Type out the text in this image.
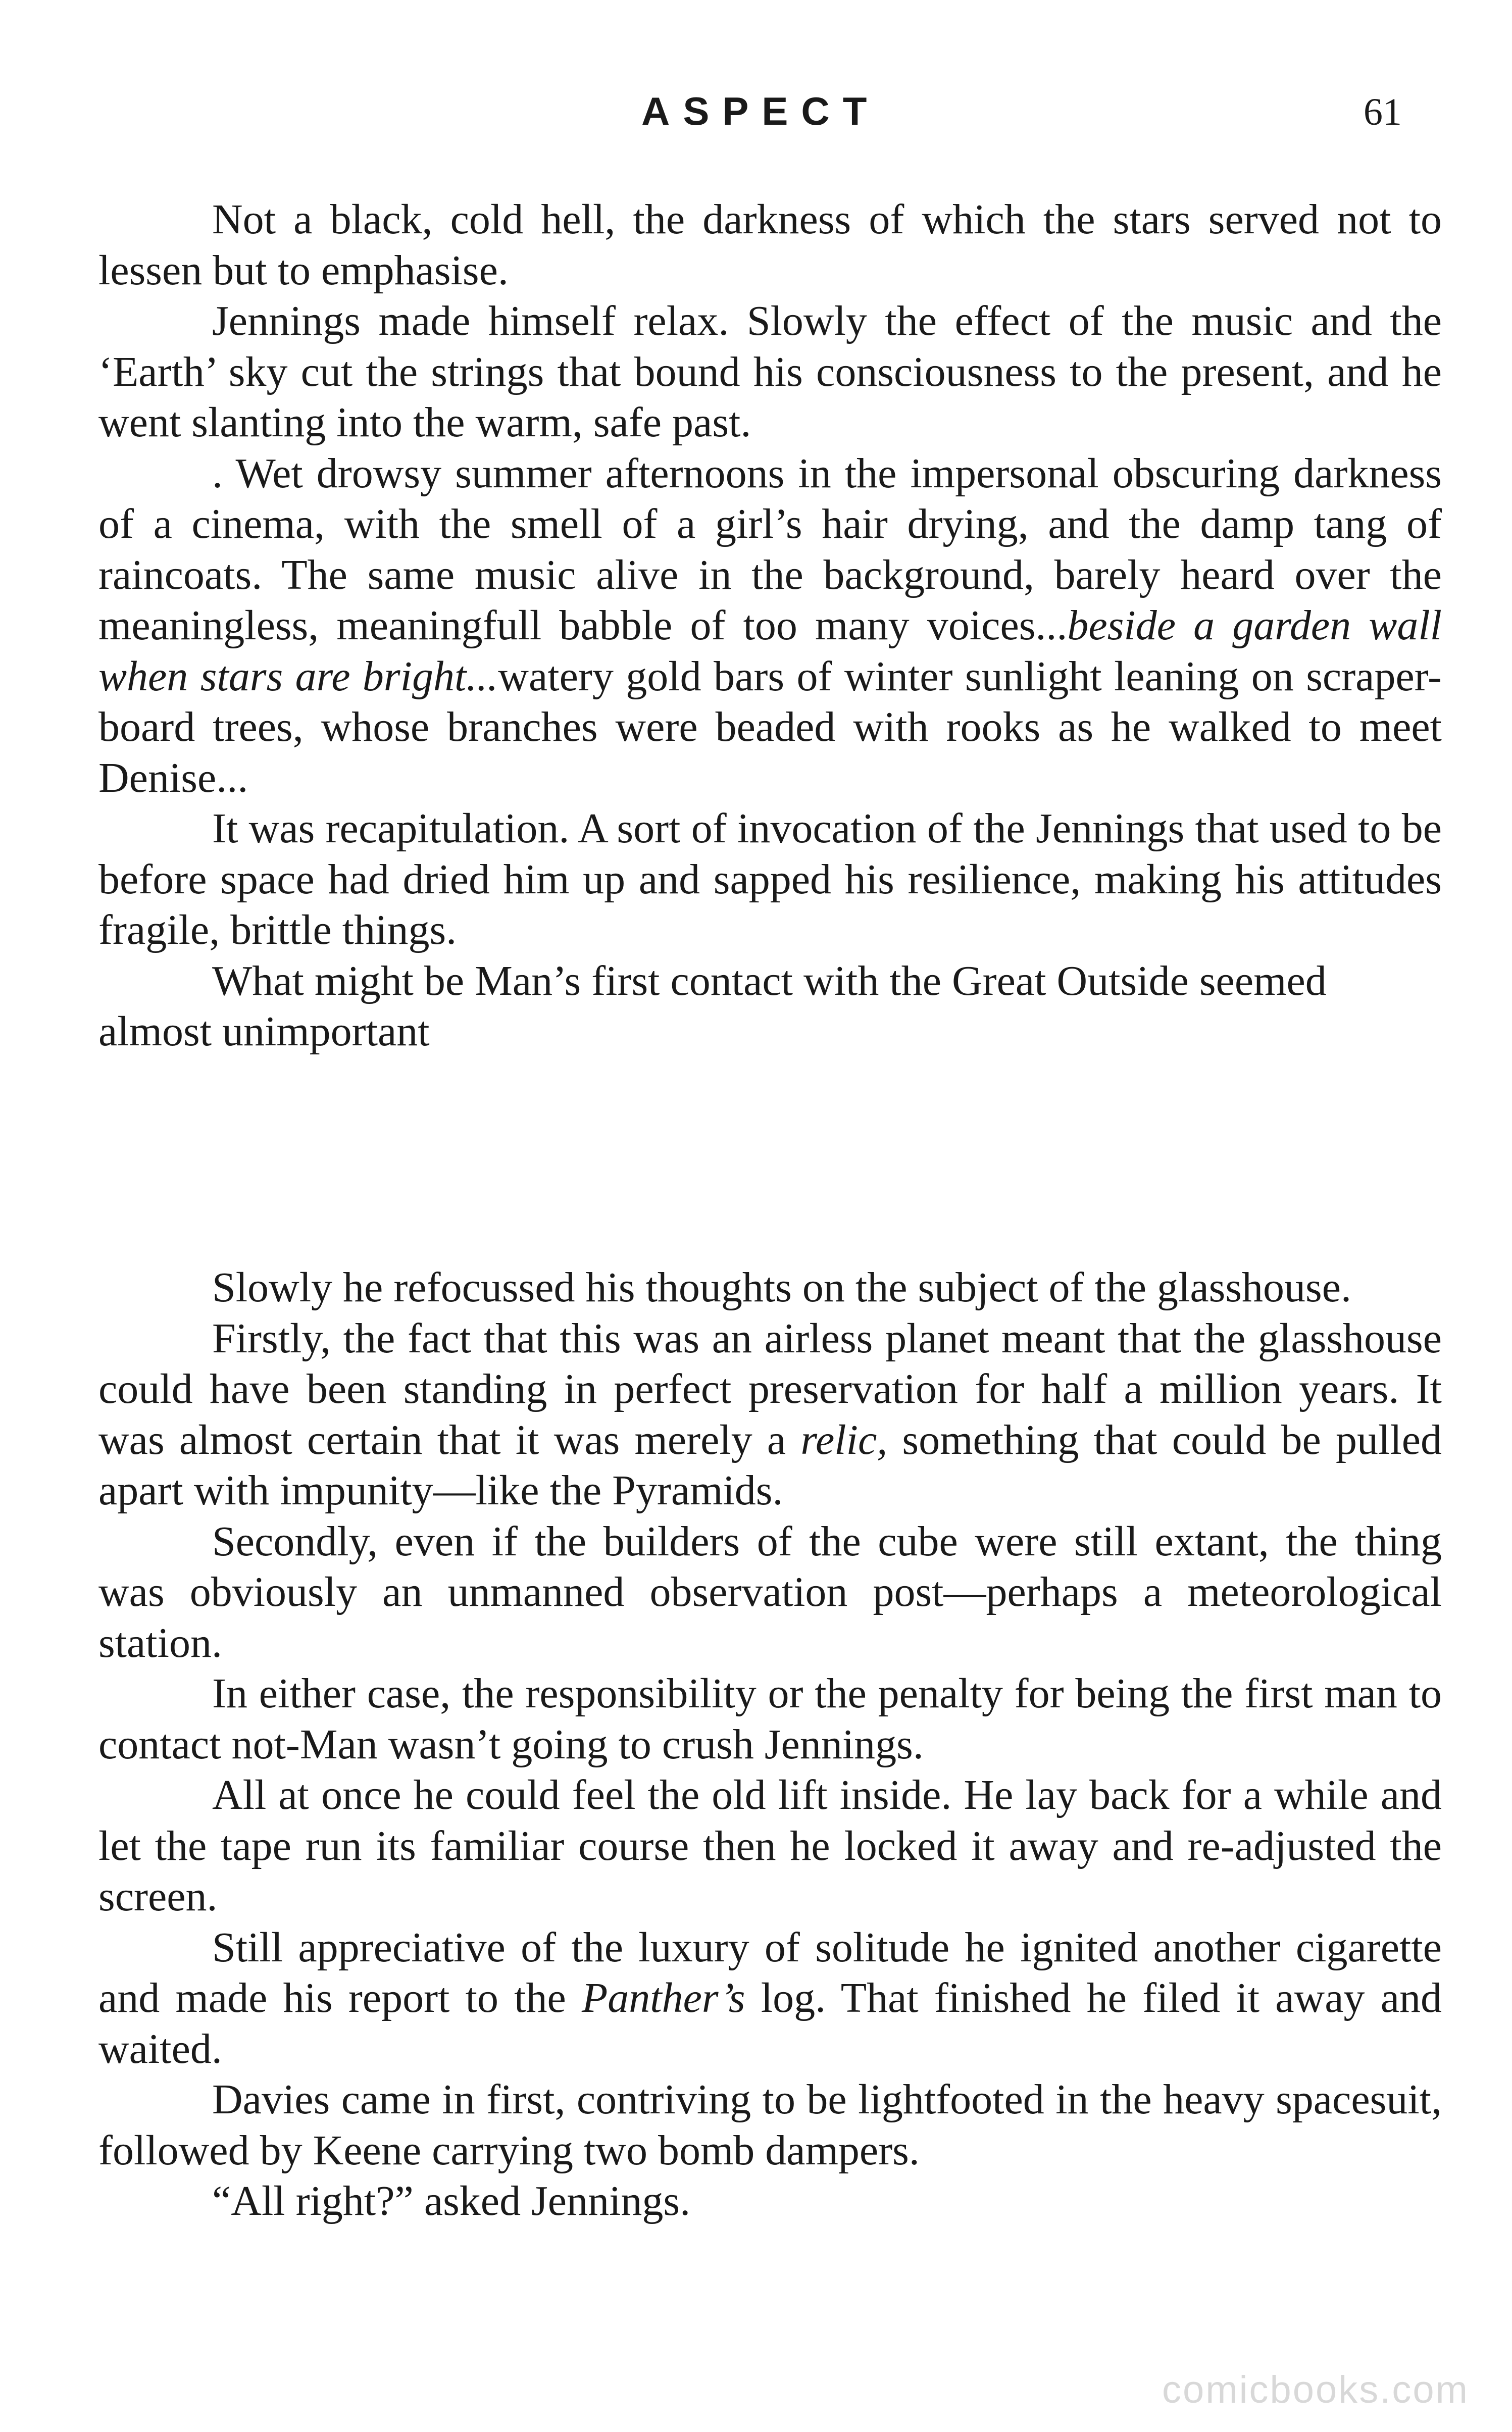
ASPECT	61

Not a black, cold hell, the darkness of which the stars served not to lessen but to emphasise.

Jennings made himself relax. Slowly the effect of the music and the ‘Earth’ sky cut the strings that bound his consciousness to the present, and he went slanting into the warm, safe past.

. Wet drowsy summer afternoons in the impersonal obscuring darkness of a cinema, with the smell of a girl’s hair drying, and the damp tang of raincoats. The same music alive in the background, barely heard over the meaningless, meaningfull babble of too many voices...beside a garden wall when stars are bright...watery gold bars of winter sunlight leaning on scraper-board trees, whose branches were beaded with rooks as he walked to meet Denise...

It was recapitulation. A sort of invocation of the Jennings that used to be before space had dried him up and sapped his resilience, making his attitudes fragile, brittle things.

What might be Man’s first contact with the Great Outside seemed almost unimportant

Slowly he refocussed his thoughts on the subject of the glasshouse.

Firstly, the fact that this was an airless planet meant that the glasshouse could have been standing in perfect preservation for half a million years. It was almost certain that it was merely a relic, something that could be pulled apart with impunity—like the Pyramids.

Secondly, even if the builders of the cube were still extant, the thing was obviously an unmanned observation post—perhaps a meteorological station.

In either case, the responsibility or the penalty for being the first man to contact not-Man wasn’t going to crush Jennings.

All at once he could feel the old lift inside. He lay back for a while and let the tape run its familiar course then he locked it away and re-adjusted the screen.

Still appreciative of the luxury of solitude he ignited another cigarette and made his report to the Panther’s log. That finished he filed it away and waited.

Davies came in first, contriving to be lightfooted in the heavy spacesuit, followed by Keene carrying two bomb dampers.

“All right?” asked Jennings.

comicbooks.com
